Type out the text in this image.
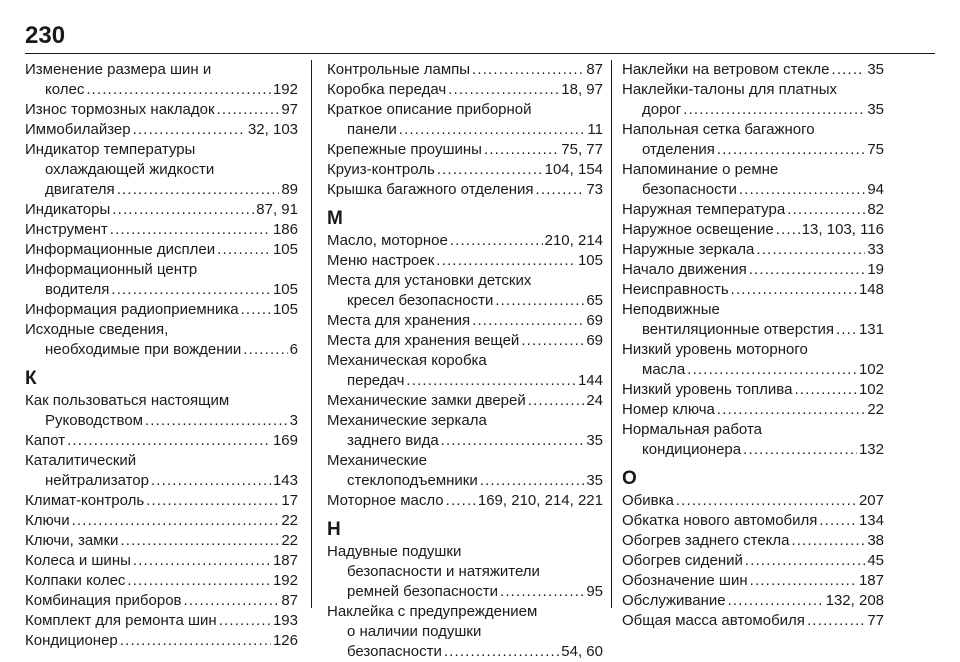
230
Изменение размера шин и
колес . . .	192
Износ тормозных накладок . . .	97
Иммобилайзер . . .	32, 103
Индикатор температуры
охлаждающей жидкости
двигателя . . .	89
Индикаторы . . .	87, 91
Инструмент . . .	186
Информационные дисплеи . . .	105
Информационный центр
водителя . . .	105
Информация радиоприемника . . . 105
Исходные сведения,
необходимые при вождении . . .	6
К
Как пользоваться настоящим
Руководством . . .	3
Капот . . .	169
Каталитический
нейтрализатор . . .	143
Климат-контроль . . .	17
Ключи . . .	22
Ключи, замки . . .	22
Колеса и шины . . .	187
Колпаки колес . . .	192
Комбинация приборов . . .	87
Комплект для ремонта шин . . .	193
Кондиционер . . .	126
Контрольные лампы . . .	87
Коробка передач . . .	18, 97
Краткое описание приборной
панели . . .	11
Крепежные проушины . . .	75, 77
Круиз-контроль . . .	104, 154
Крышка багажного отделения . . .	73
М
Масло, моторное . . .	210, 214
Меню настроек . . .	105
Места для установки детских
кресел безопасности . . .	65
Места для хранения . . .	69
Места для хранения вещей . . .	69
Механическая коробка
передач . . .	144
Механические замки дверей . . .	24
Механические зеркала
заднего вида . . .	35
Механические
стеклоподъемники . . .	35
Моторное масло . . . 169, 210, 214, 221
Н
Надувные подушки
безопасности и натяжители
ремней безопасности . . .	95
Наклейка с предупреждением
о наличии подушки
безопасности . . .	54, 60
Наклейки на ветровом стекле . . .	35
Наклейки-талоны для платных
дорог . . .	35
Напольная сетка багажного
отделения . . .	75
Напоминание о ремне
безопасности . . .	94
Наружная температура . . .	82
Наружное освещение . . . 13, 103, 116
Наружные зеркала . . .	33
Начало движения . . .	19
Неисправность . . .	148
Неподвижные
вентиляционные отверстия . . . 131
Низкий уровень моторного
масла . . .	102
Низкий уровень топлива . . .	102
Номер ключа . . .	22
Нормальная работа
кондиционера . . .	132
О
Обивка . . .	207
Обкатка нового автомобиля . . .	134
Обогрев заднего стекла . . .	38
Обогрев сидений . . .	45
Обозначение шин . . .	187
Обслуживание . . .	132, 208
Общая масса автомобиля . . .	77
